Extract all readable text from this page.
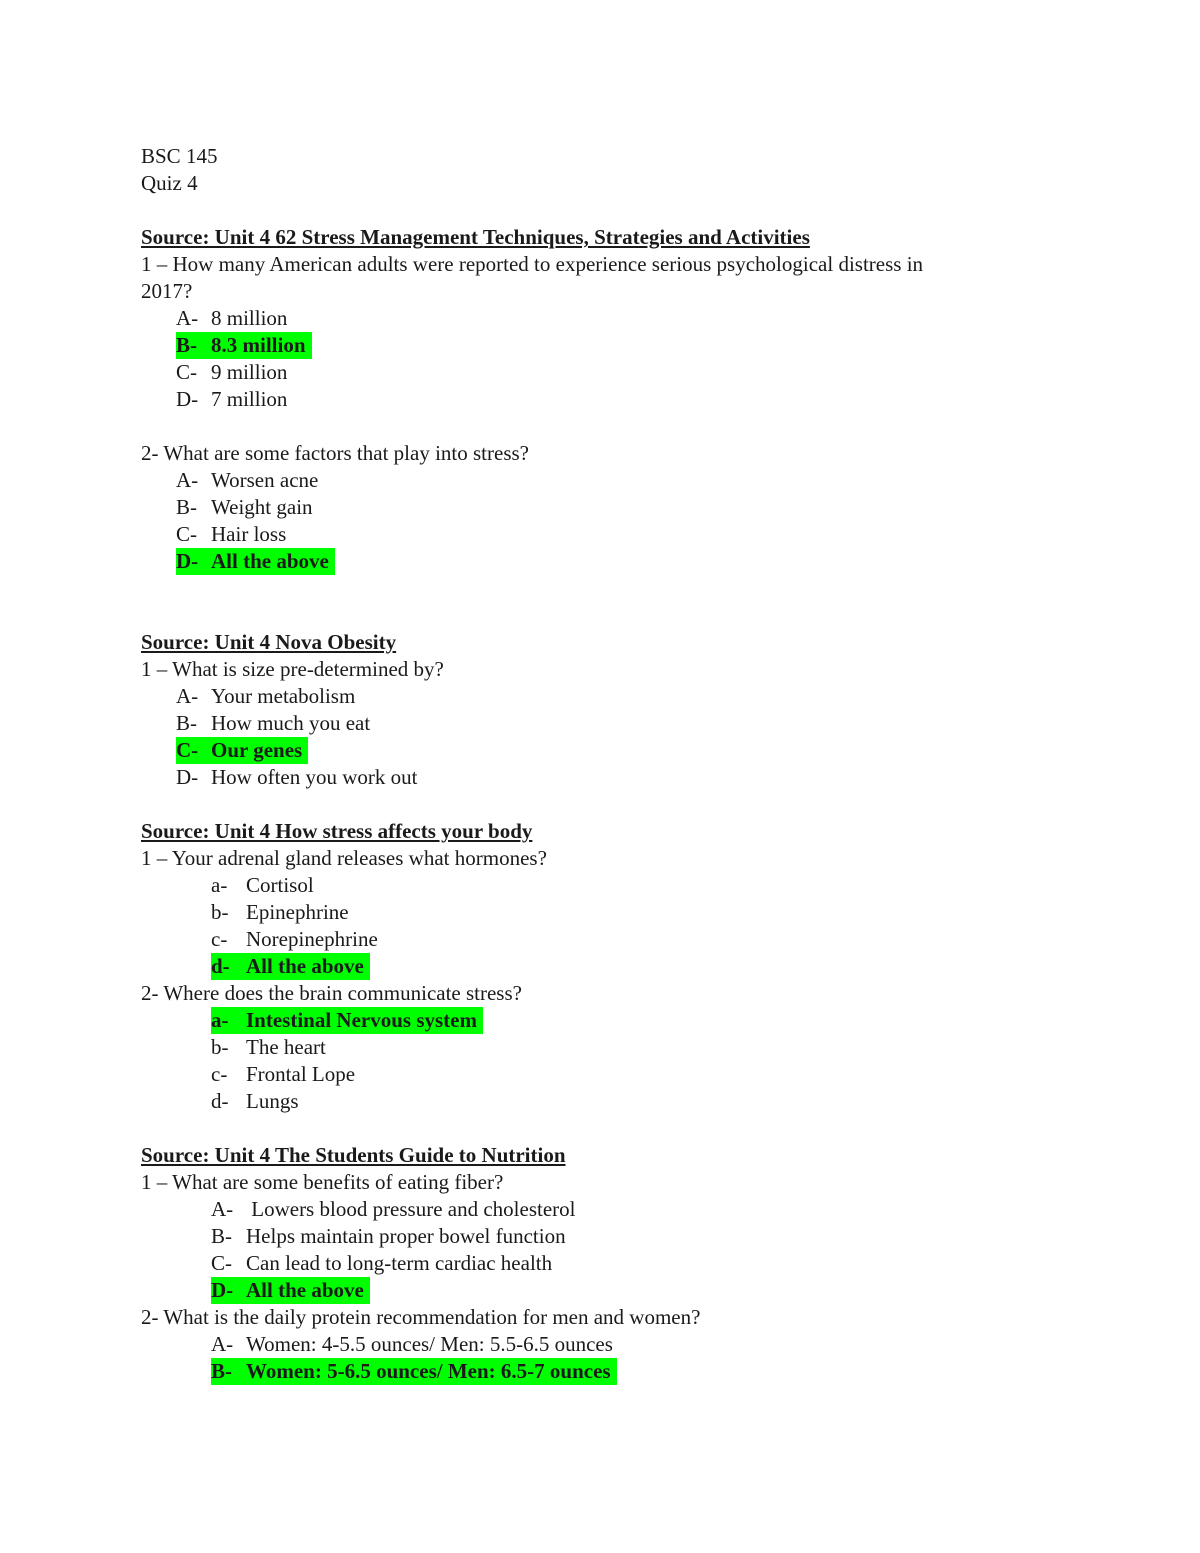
BSC 145
Quiz 4
Source: Unit 4 62 Stress Management Techniques, Strategies and Activities
1 – How many American adults were reported to experience serious psychological distress in
2017?
A- 8 million
B- 8.3 million
C- 9 million
D- 7 million
2- What are some factors that play into stress?
A- Worsen acne
B- Weight gain
C- Hair loss
D- All the above
Source: Unit 4 Nova Obesity
1 – What is size pre-determined by?
A- Your metabolism
B- How much you eat
C- Our genes
D- How often you work out
Source: Unit 4 How stress affects your body
1 – Your adrenal gland releases what hormones?
a- Cortisol
b- Epinephrine
c- Norepinephrine
d- All the above
2- Where does the brain communicate stress?
a- Intestinal Nervous system
b- The heart
c- Frontal Lope
d- Lungs
Source: Unit 4 The Students Guide to Nutrition
1 – What are some benefits of eating fiber?
A- Lowers blood pressure and cholesterol
B- Helps maintain proper bowel function
C- Can lead to long-term cardiac health
D- All the above
2- What is the daily protein recommendation for men and women?
A- Women: 4-5.5 ounces/ Men: 5.5-6.5 ounces
B- Women: 5-6.5 ounces/ Men: 6.5-7 ounces
